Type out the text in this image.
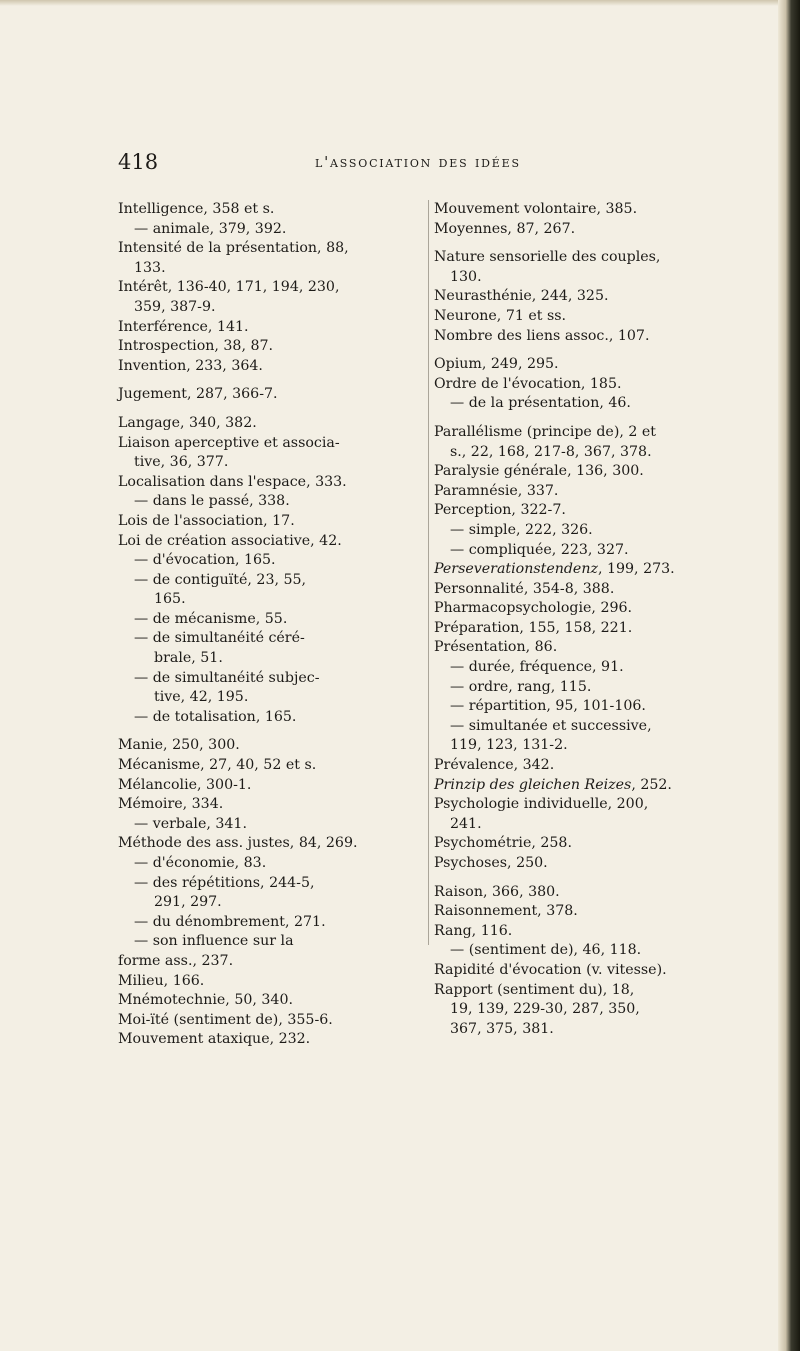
418	l'association des idées
Intelligence, 358 et s.
— animale, 379, 392.
Intensité de la présentation, 88,
133.
Intérêt, 136-40, 171, 194, 230,
359, 387-9.
Interférence, 141.
Introspection, 38, 87.
Invention, 233, 364.
Jugement, 287, 366-7.
Langage, 340, 382.
Liaison aperceptive et associa-
tive, 36, 377.
Localisation dans l'espace, 333.
— dans le passé, 338.
Lois de l'association, 17.
Loi de création associative, 42.
— d'évocation, 165.
— de contiguïté, 23, 55,
165.
— de mécanisme, 55.
— de simultanéité céré-
brale, 51.
— de simultanéité subjec-
tive, 42, 195.
— de totalisation, 165.
Manie, 250, 300.
Mécanisme, 27, 40, 52 et s.
Mélancolie, 300-1.
Mémoire, 334.
— verbale, 341.
Méthode des ass. justes, 84, 269.
— d'économie, 83.
— des répétitions, 244-5,
291, 297.
— du dénombrement, 271.
— son influence sur la
forme ass., 237.
Milieu, 166.
Mnémotechnie, 50, 340.
Moi-ïté (sentiment de), 355-6.
Mouvement ataxique, 232.
Mouvement volontaire, 385.
Moyennes, 87, 267.
Nature sensorielle des couples,
130.
Neurasthénie, 244, 325.
Neurone, 71 et ss.
Nombre des liens assoc., 107.
Opium, 249, 295.
Ordre de l'évocation, 185.
— de la présentation, 46.
Parallélisme (principe de), 2 et
s., 22, 168, 217-8, 367, 378.
Paralysie générale, 136, 300.
Paramnésie, 337.
Perception, 322-7.
— simple, 222, 326.
— compliquée, 223, 327.
Perseverationstendenz, 199, 273.
Personnalité, 354-8, 388.
Pharmacopsychologie, 296.
Préparation, 155, 158, 221.
Présentation, 86.
— durée, fréquence, 91.
— ordre, rang, 115.
— répartition, 95, 101-106.
— simultanée et successive,
119, 123, 131-2.
Prévalence, 342.
Prinzip des gleichen Reizes, 252.
Psychologie individuelle, 200,
241.
Psychométrie, 258.
Psychoses, 250.
Raison, 366, 380.
Raisonnement, 378.
Rang, 116.
— (sentiment de), 46, 118.
Rapidité d'évocation (v. vitesse).
Rapport (sentiment du), 18,
19, 139, 229-30, 287, 350,
367, 375, 381.
